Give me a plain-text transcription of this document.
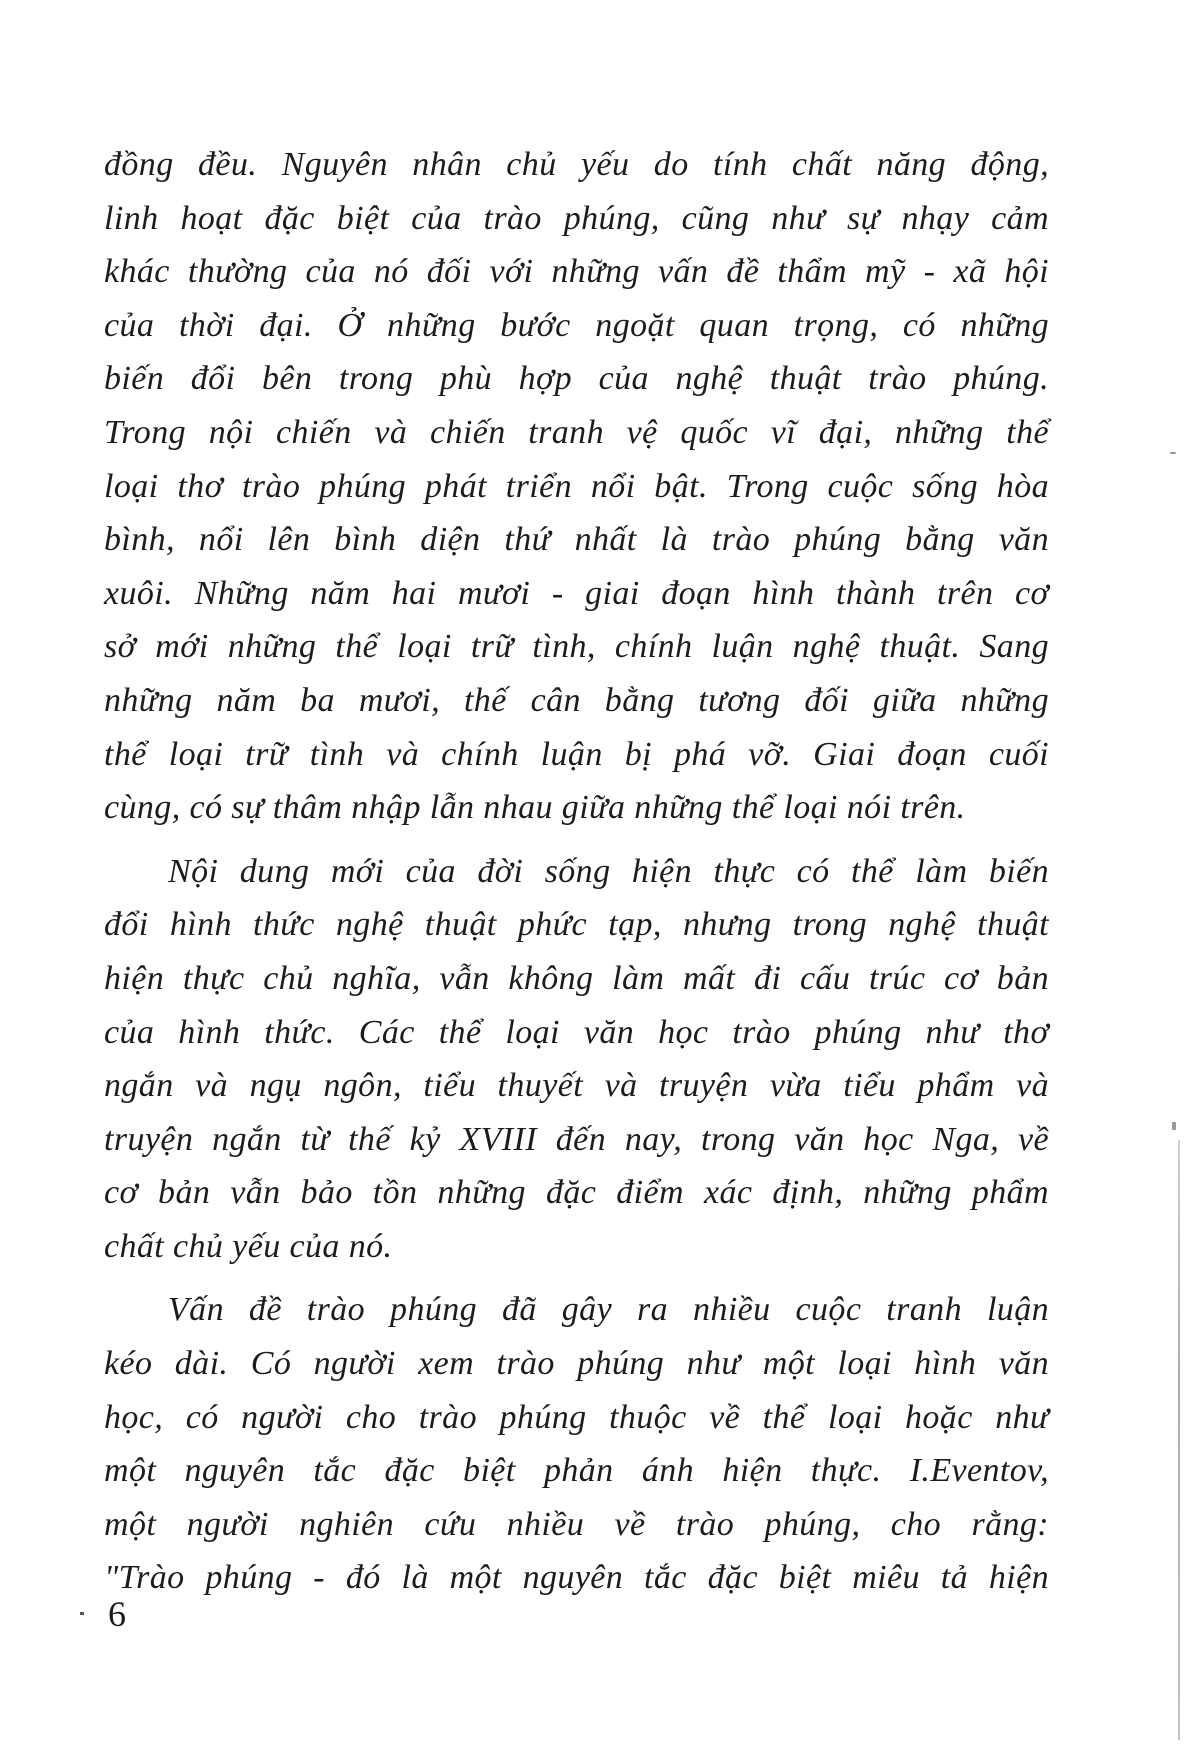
đồng đều. Nguyên nhân chủ yếu do tính chất năng động,
linh hoạt đặc biệt của trào phúng, cũng như sự nhạy cảm
khác thường của nó đối với những vấn đề thẩm mỹ - xã hội
của thời đại. Ở những bước ngoặt quan trọng, có những
biến đổi bên trong phù hợp của nghệ thuật trào phúng.
Trong nội chiến và chiến tranh vệ quốc vĩ đại, những thể
loại thơ trào phúng phát triển nổi bật. Trong cuộc sống hòa
bình, nổi lên bình diện thứ nhất là trào phúng bằng văn
xuôi. Những năm hai mươi - giai đoạn hình thành trên cơ
sở mới những thể loại trữ tình, chính luận nghệ thuật. Sang
những năm ba mươi, thế cân bằng tương đối giữa những
thể loại trữ tình và chính luận bị phá vỡ. Giai đoạn cuối
cùng, có sự thâm nhập lẫn nhau giữa những thể loại nói trên.

Nội dung mới của đời sống hiện thực có thể làm biến
đổi hình thức nghệ thuật phức tạp, nhưng trong nghệ thuật
hiện thực chủ nghĩa, vẫn không làm mất đi cấu trúc cơ bản
của hình thức. Các thể loại văn học trào phúng như thơ
ngắn và ngụ ngôn, tiểu thuyết và truyện vừa tiểu phẩm và
truyện ngắn từ thế kỷ XVIII đến nay, trong văn học Nga, về
cơ bản vẫn bảo tồn những đặc điểm xác định, những phẩm
chất chủ yếu của nó.

Vấn đề trào phúng đã gây ra nhiều cuộc tranh luận
kéo dài. Có người xem trào phúng như một loại hình văn
học, có người cho trào phúng thuộc về thể loại hoặc như
một nguyên tắc đặc biệt phản ánh hiện thực. I.Eventov,
một người nghiên cứu nhiều về trào phúng, cho rằng:
"Trào phúng - đó là một nguyên tắc đặc biệt miêu tả hiện

6
